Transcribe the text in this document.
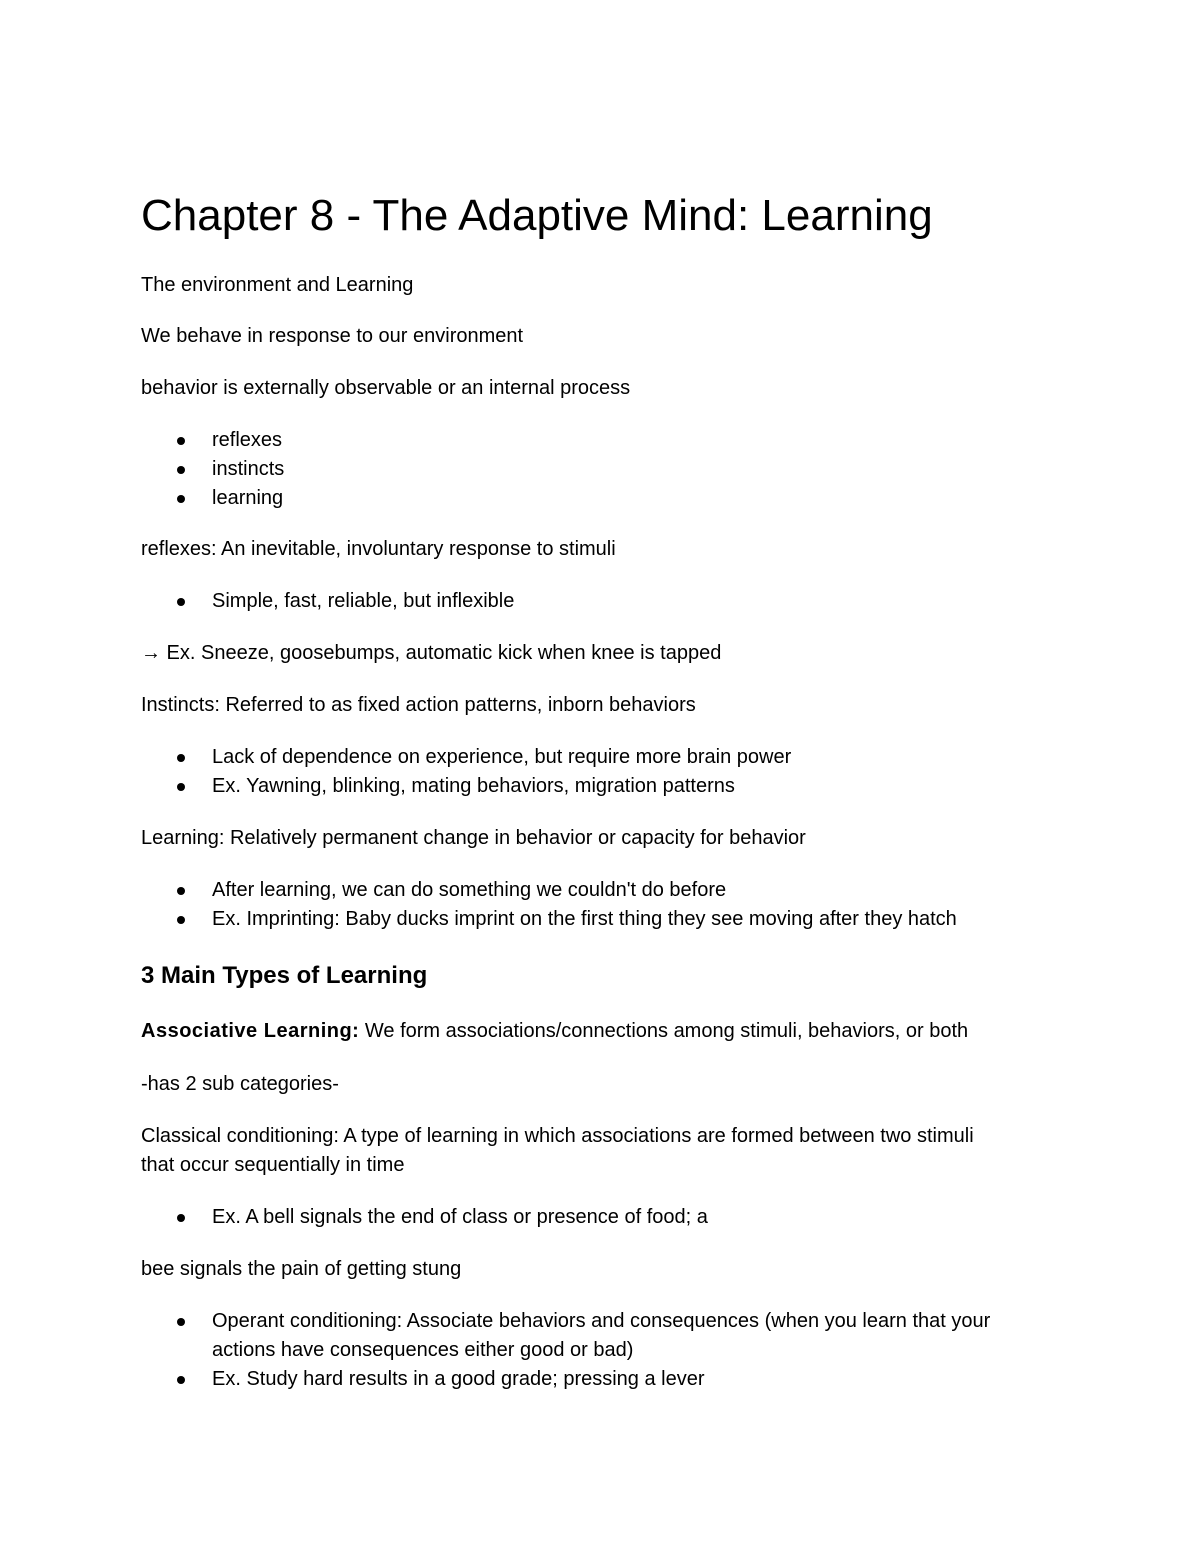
Chapter 8 - The Adaptive Mind: Learning

The environment and Learning

We behave in response to our environment

behavior is externally observable or an internal process

reflexes
instincts
learning

reflexes: An inevitable, involuntary response to stimuli

Simple, fast, reliable, but inflexible

→ Ex. Sneeze, goosebumps, automatic kick when knee is tapped

Instincts: Referred to as fixed action patterns, inborn behaviors

Lack of dependence on experience, but require more brain power
Ex. Yawning, blinking, mating behaviors, migration patterns

Learning: Relatively permanent change in behavior or capacity for behavior

After learning, we can do something we couldn't do before
Ex. Imprinting: Baby ducks imprint on the first thing they see moving after they hatch
3 Main Types of Learning

Associative Learning: We form associations/connections among stimuli, behaviors, or both

-has 2 sub categories-

Classical conditioning: A type of learning in which associations are formed between two stimuli
that occur sequentially in time

Ex. A bell signals the end of class or presence of food; a

bee signals the pain of getting stung

Operant conditioning: Associate behaviors and consequences (when you learn that your
actions have consequences either good or bad)
Ex. Study hard results in a good grade; pressing a lever
